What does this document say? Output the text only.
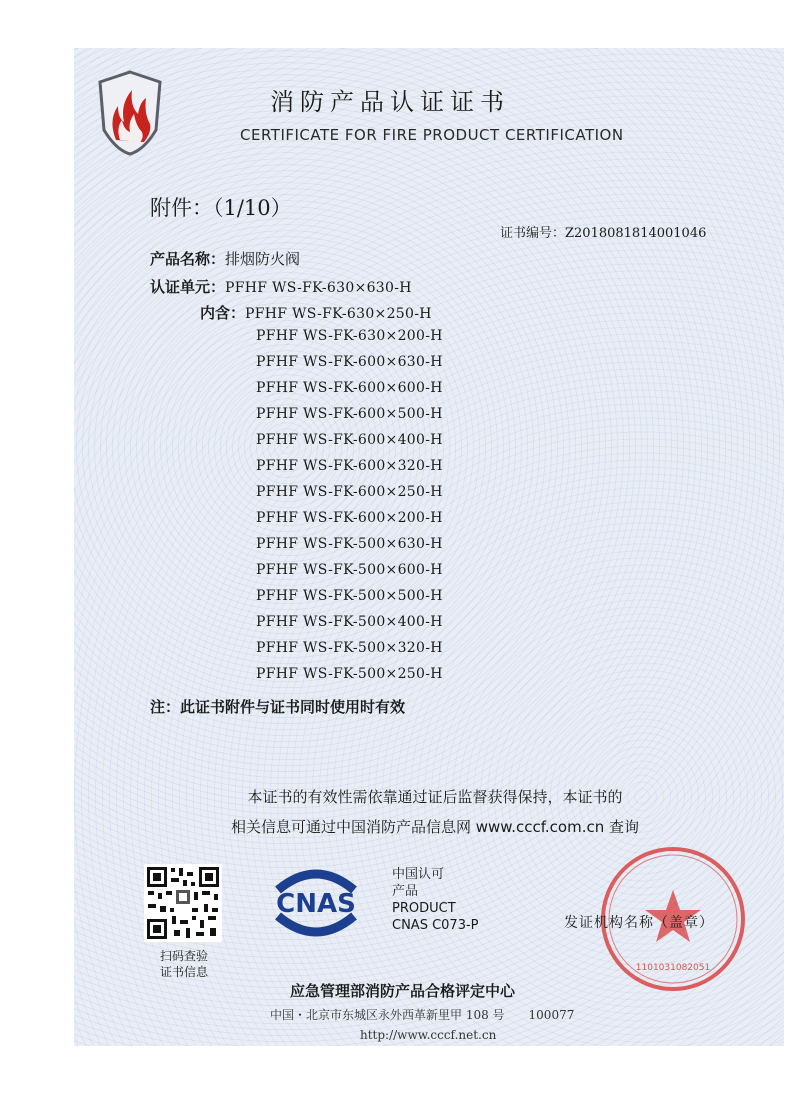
消防产品认证证书
CERTIFICATE FOR FIRE PRODUCT CERTIFICATION
附件：（1/10）
证书编号：Z2018081814001046
产品名称：排烟防火阀
认证单元：PFHF WS-FK-630×630-H
内含：PFHF WS-FK-630×250-H
PFHF WS-FK-630×200-H
PFHF WS-FK-600×630-H
PFHF WS-FK-600×600-H
PFHF WS-FK-600×500-H
PFHF WS-FK-600×400-H
PFHF WS-FK-600×320-H
PFHF WS-FK-600×250-H
PFHF WS-FK-600×200-H
PFHF WS-FK-500×630-H
PFHF WS-FK-500×600-H
PFHF WS-FK-500×500-H
PFHF WS-FK-500×400-H
PFHF WS-FK-500×320-H
PFHF WS-FK-500×250-H
注：此证书附件与证书同时使用时有效
本证书的有效性需依靠通过证后监督获得保持，本证书的
相关信息可通过中国消防产品信息网 www.cccf.com.cn 查询
扫码查验
证书信息
CNAS
中国认可
产品
PRODUCT
CNAS C073-P
1101031082051
发证机构名称（盖章）
应急管理部消防产品合格评定中心
中国・北京市东城区永外西革新里甲 108 号　　100077
http://www.cccf.net.cn
